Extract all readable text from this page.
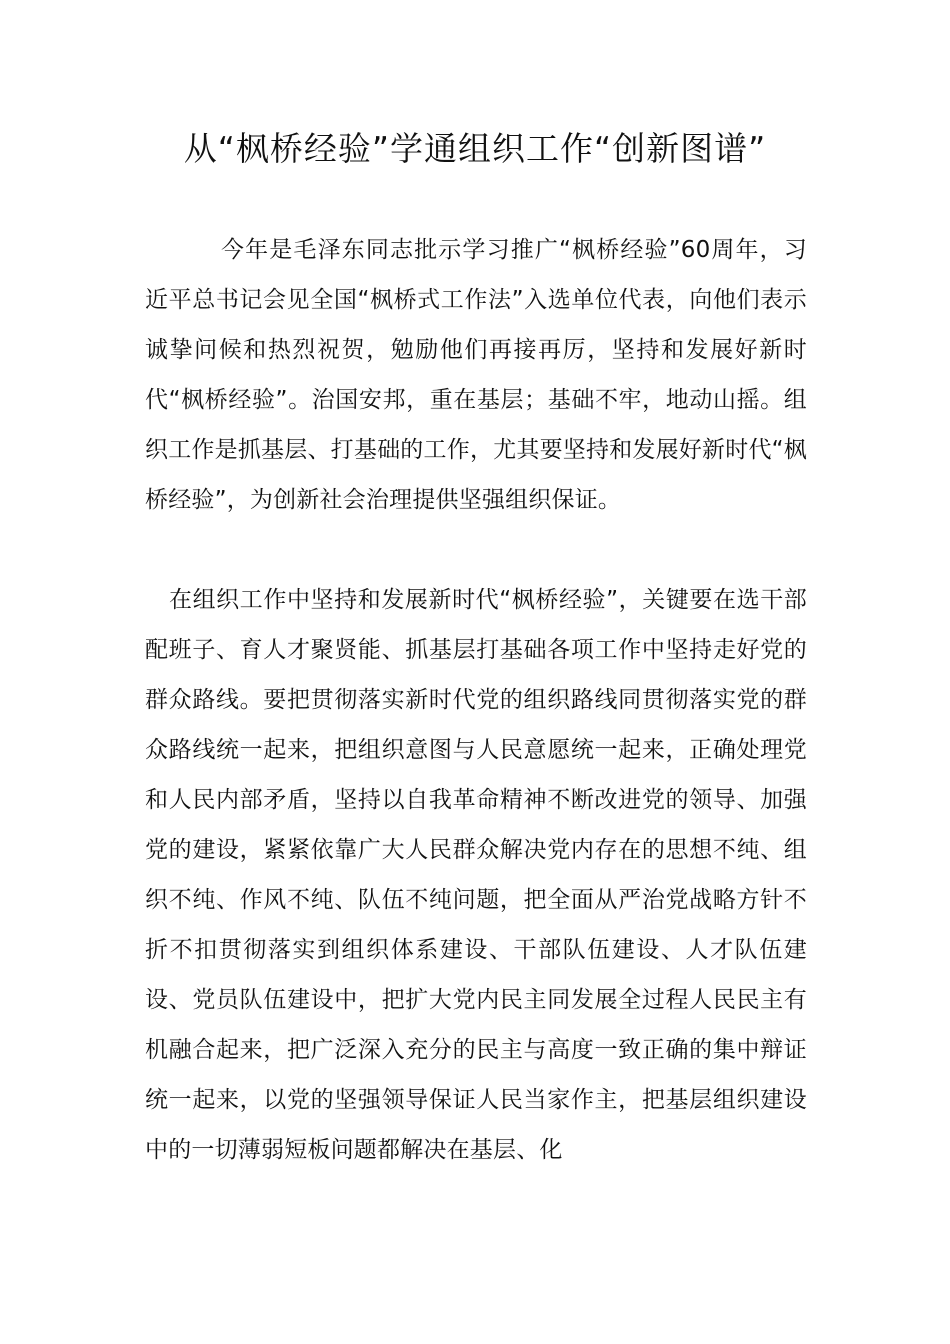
从“枫桥经验”学通组织工作“创新图谱”

今年是毛泽东同志批示学习推广“枫桥经验”60周年，习近平总书记会见全国“枫桥式工作法”入选单位代表，向他们表示诚挚问候和热烈祝贺，勉励他们再接再厉，坚持和发展好新时代“枫桥经验”。治国安邦，重在基层；基础不牢，地动山摇。组织工作是抓基层、打基础的工作，尤其要坚持和发展好新时代“枫桥经验”，为创新社会治理提供坚强组织保证。

在组织工作中坚持和发展新时代“枫桥经验”，关键要在选干部配班子、育人才聚贤能、抓基层打基础各项工作中坚持走好党的群众路线。要把贯彻落实新时代党的组织路线同贯彻落实党的群众路线统一起来，把组织意图与人民意愿统一起来，正确处理党和人民内部矛盾，坚持以自我革命精神不断改进党的领导、加强党的建设，紧紧依靠广大人民群众解决党内存在的思想不纯、组织不纯、作风不纯、队伍不纯问题，把全面从严治党战略方针不折不扣贯彻落实到组织体系建设、干部队伍建设、人才队伍建设、党员队伍建设中，把扩大党内民主同发展全过程人民民主有机融合起来，把广泛深入充分的民主与高度一致正确的集中辩证统一起来，以党的坚强领导保证人民当家作主，把基层组织建设中的一切薄弱短板问题都解决在基层、化
